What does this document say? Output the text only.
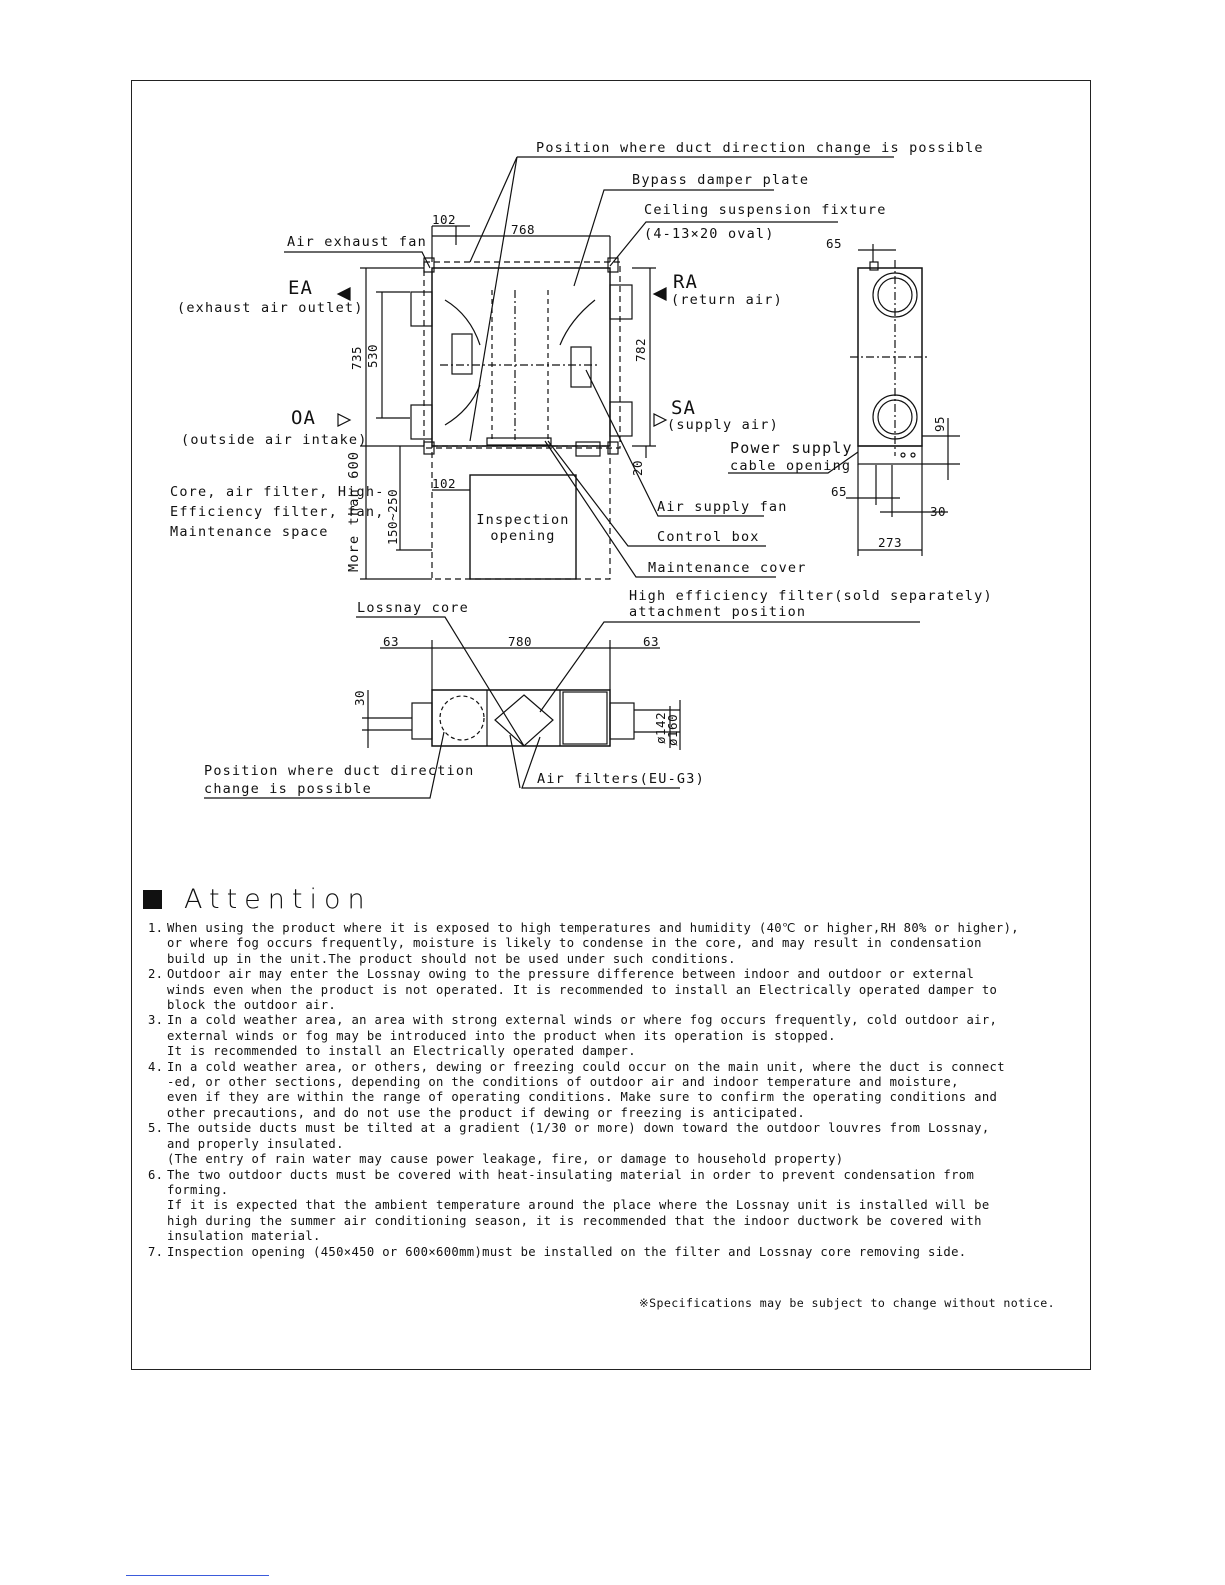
Position where duct direction change is possible
Bypass damper plate
Ceiling suspension fixture
(4-13×20 oval)
Air exhaust fan
EA
(exhaust air outlet)
RA
(return air)
OA
(outside air intake)
SA
(supply air)
Power supply
cable opening
Core, air filter, High-
Efficiency filter, fan,
Maintenance space
Inspection
opening
Air supply fan
Control box
Maintenance cover
High efficiency filter(sold separately)
attachment position
Lossnay core
Position where duct direction
change is possible
Air filters(EU-G3)
More than 600
102
768
735 530	782
20
102
150~250
65
95
65
30
273
63	780	63
30
ø142
ø160
Attention
1. When using the product where it is exposed to high temperatures and humidity (40℃ or higher,RH 80% or higher),
or where fog occurs frequently, moisture is likely to condense in the core, and may result in condensation
build up in the unit.The product should not be used under such conditions.
2. Outdoor air may enter the Lossnay owing to the pressure difference between indoor and outdoor or external
winds even when the product is not operated. It is recommended to install an Electrically operated damper to
block the outdoor air.
3. In a cold weather area, an area with strong external winds or where fog occurs frequently, cold outdoor air,
external winds or fog may be introduced into the product when its operation is stopped.
It is recommended to install an Electrically operated damper.
4. In a cold weather area, or others, dewing or freezing could occur on the main unit, where the duct is connect
-ed, or other sections, depending on the conditions of outdoor air and indoor temperature and moisture,
even if they are within the range of operating conditions. Make sure to confirm the operating conditions and
other precautions, and do not use the product if dewing or freezing is anticipated.
5. The outside ducts must be tilted at a gradient (1/30 or more) down toward the outdoor louvres from Lossnay,
and properly insulated.
(The entry of rain water may cause power leakage, fire, or damage to household property)
6. The two outdoor ducts must be covered with heat-insulating material in order to prevent condensation from
forming.
If it is expected that the ambient temperature around the place where the Lossnay unit is installed will be
high during the summer air conditioning season, it is recommended that the indoor ductwork be covered with
insulation material.
7. Inspection opening (450×450 or 600×600mm)must be installed on the filter and Lossnay core removing side.
※Specifications may be subject to change without notice.
